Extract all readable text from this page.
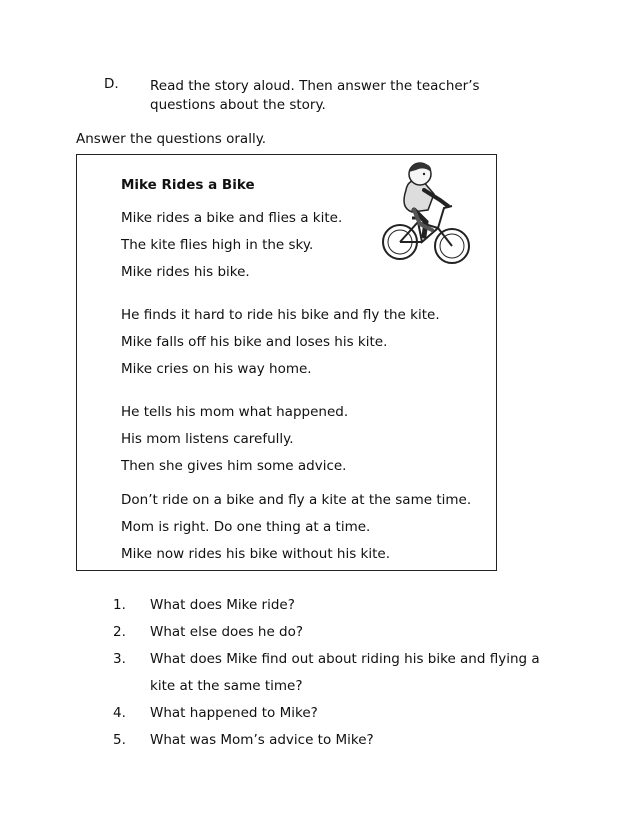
D. Read the story aloud. Then answer the teacher’s
questions about the story.
Answer the questions orally.
Mike Rides a Bike
Mike rides a bike and flies a kite.
The kite flies high in the sky.
Mike rides his bike.
He finds it hard to ride his bike and fly the kite.
Mike falls off his bike and loses his kite.
Mike cries on his way home.
He tells his mom what happened.
His mom listens carefully.
Then she gives him some advice.
Don’t ride on a bike and fly a kite at the same time.
Mom is right. Do one thing at a time.
Mike now rides his bike without his kite.
1. What does Mike ride?
2. What else does he do?
3. What does Mike find out about riding his bike and flying a
kite at the same time?
4. What happened to Mike?
5. What was Mom’s advice to Mike?
